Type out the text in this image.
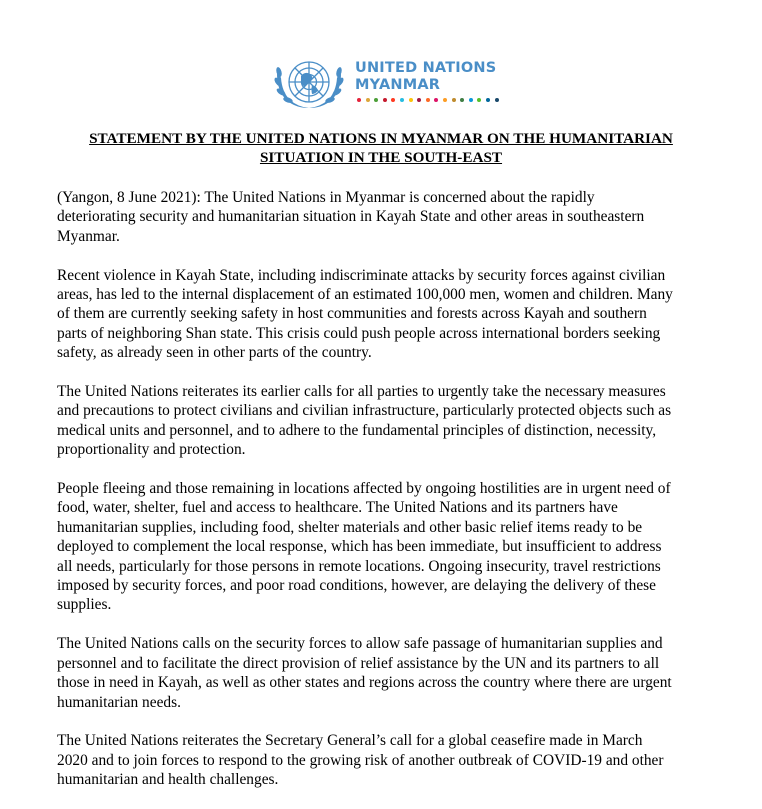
UNITED NATIONS
MYANMAR
STATEMENT BY THE UNITED NATIONS IN MYANMAR ON THE HUMANITARIAN
SITUATION IN THE SOUTH-EAST
(Yangon, 8 June 2021): The United Nations in Myanmar is concerned about the rapidly
deteriorating security and humanitarian situation in Kayah State and other areas in southeastern
Myanmar.
Recent violence in Kayah State, including indiscriminate attacks by security forces against civilian
areas, has led to the internal displacement of an estimated 100,000 men, women and children. Many
of them are currently seeking safety in host communities and forests across Kayah and southern
parts of neighboring Shan state. This crisis could push people across international borders seeking
safety, as already seen in other parts of the country.
The United Nations reiterates its earlier calls for all parties to urgently take the necessary measures
and precautions to protect civilians and civilian infrastructure, particularly protected objects such as
medical units and personnel, and to adhere to the fundamental principles of distinction, necessity,
proportionality and protection.
People fleeing and those remaining in locations affected by ongoing hostilities are in urgent need of
food, water, shelter, fuel and access to healthcare. The United Nations and its partners have
humanitarian supplies, including food, shelter materials and other basic relief items ready to be
deployed to complement the local response, which has been immediate, but insufficient to address
all needs, particularly for those persons in remote locations. Ongoing insecurity, travel restrictions
imposed by security forces, and poor road conditions, however, are delaying the delivery of these
supplies.
The United Nations calls on the security forces to allow safe passage of humanitarian supplies and
personnel and to facilitate the direct provision of relief assistance by the UN and its partners to all
those in need in Kayah, as well as other states and regions across the country where there are urgent
humanitarian needs.
The United Nations reiterates the Secretary General’s call for a global ceasefire made in March
2020 and to join forces to respond to the growing risk of another outbreak of COVID-19 and other
humanitarian and health challenges.
